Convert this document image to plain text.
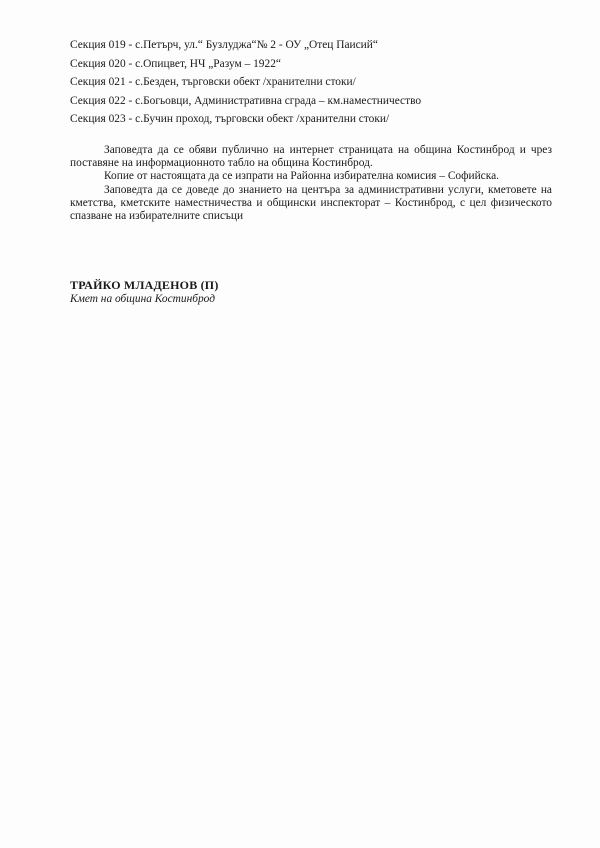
Секция 019 - с.Петърч, ул.“ Бузлуджа“№ 2 - ОУ „Отец Паисий“
Секция 020 - с.Опицвет, НЧ „Разум – 1922“
Секция 021 - с.Безден, търговски обект /хранителни стоки/
Секция 022 - с.Богьовци, Административна сграда – км.наместничество
Секция 023 - с.Бучин проход, търговски обект /хранителни стоки/

Заповедта да се обяви публично на интернет страницата на община Костинброд и чрез поставяне на информационното табло на община Костинброд.

Копие от настоящата да се изпрати на Районна избирателна комисия – Софийска.

Заповедта да се доведе до знанието на центъра за административни услуги, кметовете на кметства, кметските наместничества и общински инспекторат – Костинброд, с цел физическото спазване на избирателните списъци

ТРАЙКО МЛАДЕНОВ (П)
Кмет на община Костинброд
